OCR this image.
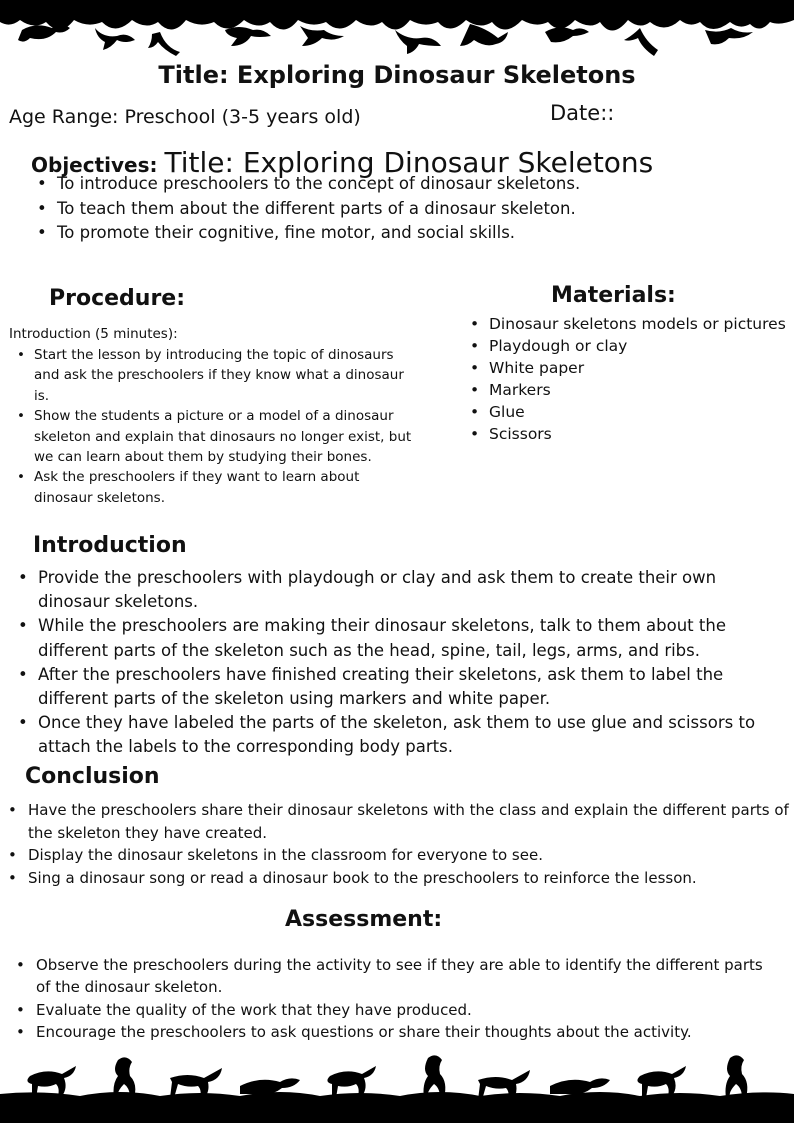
Title: Exploring Dinosaur Skeletons
Age Range: Preschool (3-5 years old)	Date::
Objectives: Title: Exploring Dinosaur Skeletons
• To introduce preschoolers to the concept of dinosaur skeletons.
• To teach them about the different parts of a dinosaur skeleton.
• To promote their cognitive, fine motor, and social skills.
Procedure:
Introduction (5 minutes):
• Start the lesson by introducing the topic of dinosaurs and ask the preschoolers if they know what a dinosaur is.
• Show the students a picture or a model of a dinosaur skeleton and explain that dinosaurs no longer exist, but we can learn about them by studying their bones.
• Ask the preschoolers if they want to learn about dinosaur skeletons.
Materials:
• Dinosaur skeletons models or pictures
• Playdough or clay
• White paper
• Markers
• Glue
• Scissors
Introduction
• Provide the preschoolers with playdough or clay and ask them to create their own dinosaur skeletons.
• While the preschoolers are making their dinosaur skeletons, talk to them about the different parts of the skeleton such as the head, spine, tail, legs, arms, and ribs.
• After the preschoolers have finished creating their skeletons, ask them to label the different parts of the skeleton using markers and white paper.
• Once they have labeled the parts of the skeleton, ask them to use glue and scissors to attach the labels to the corresponding body parts.
Conclusion
• Have the preschoolers share their dinosaur skeletons with the class and explain the different parts of the skeleton they have created.
• Display the dinosaur skeletons in the classroom for everyone to see.
• Sing a dinosaur song or read a dinosaur book to the preschoolers to reinforce the lesson.
Assessment:
• Observe the preschoolers during the activity to see if they are able to identify the different parts of the dinosaur skeleton.
• Evaluate the quality of the work that they have produced.
• Encourage the preschoolers to ask questions or share their thoughts about the activity.
